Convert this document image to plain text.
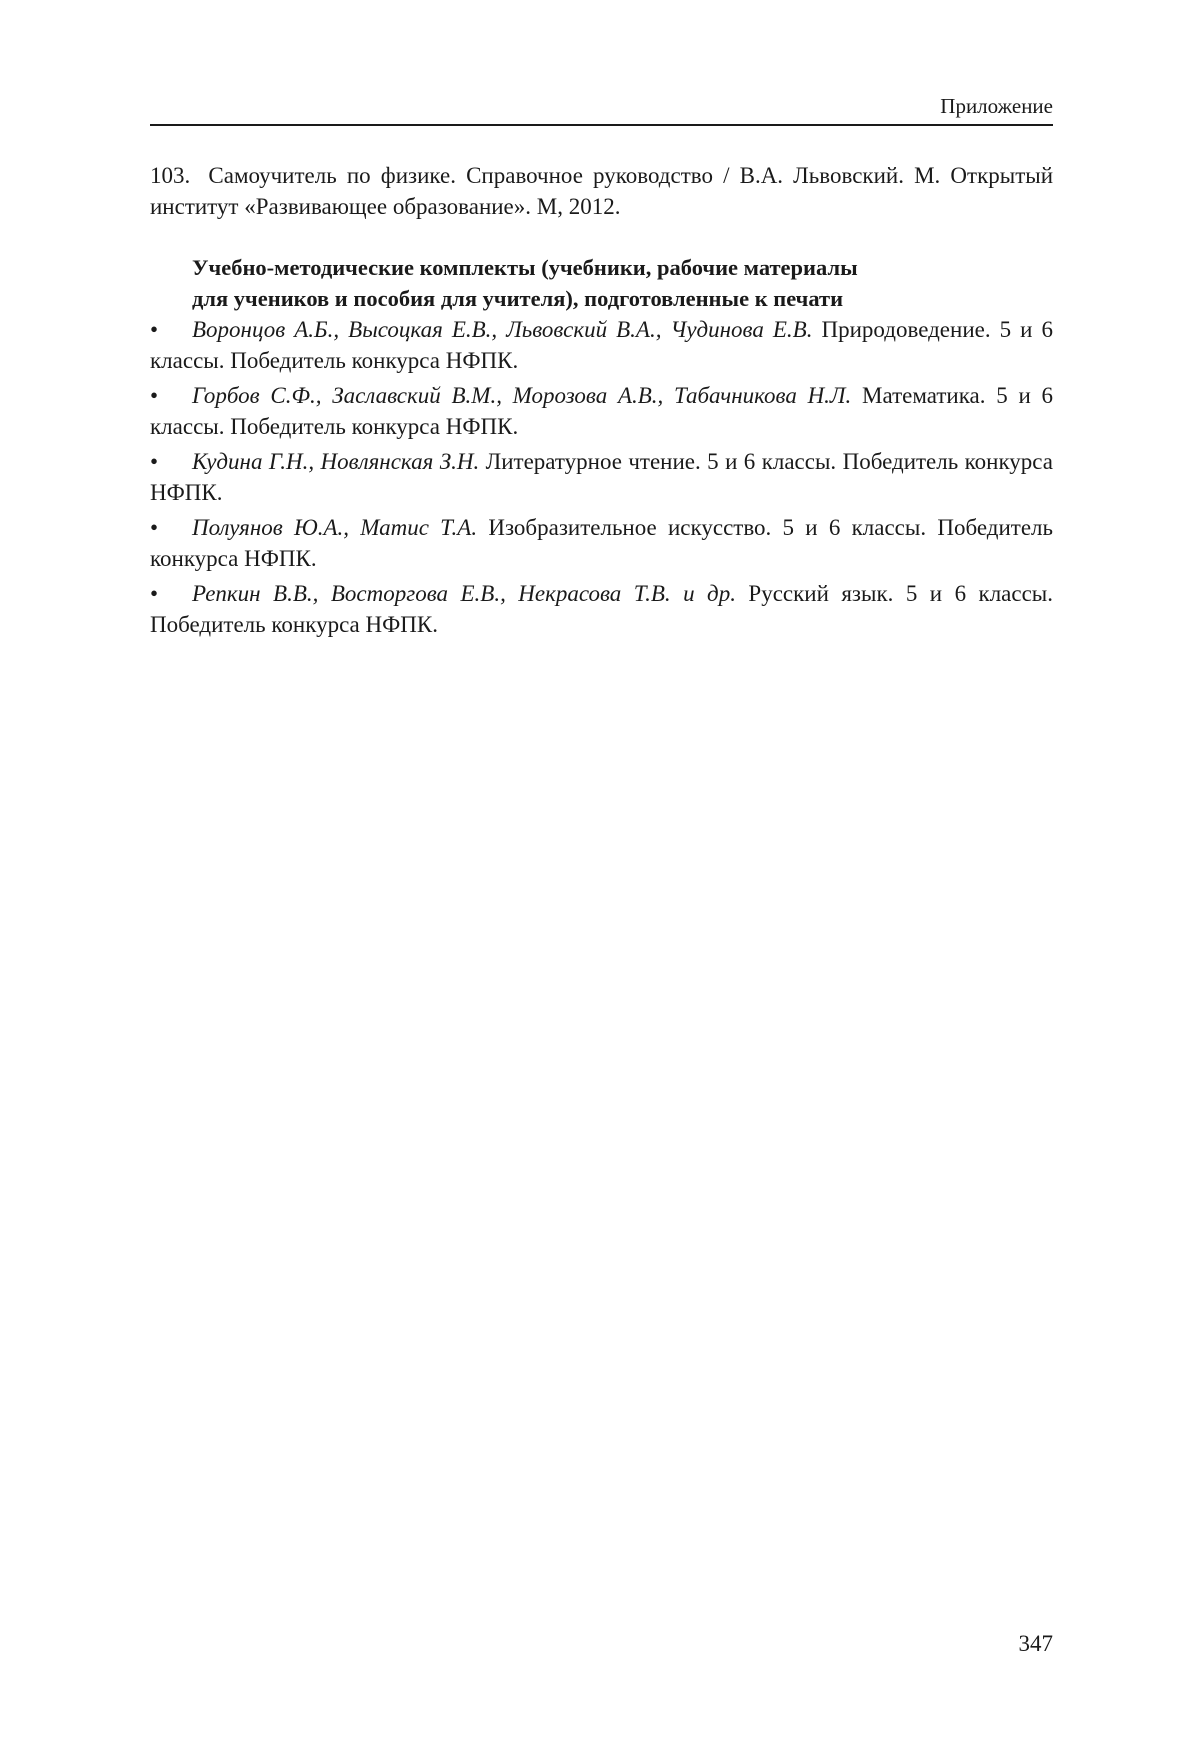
Приложение

103. Самоучитель по физике. Справочное руководство / В.А. Львовский. М. Открытый институт «Развивающее образование». М, 2012.

Учебно-методические комплекты (учебники, рабочие материалы
для учеников и пособия для учителя), подготовленные к печати
•	Воронцов А.Б., Высоцкая Е.В., Львовский В.А., Чудинова Е.В. Природоведение. 5 и 6 классы. Победитель конкурса НФПК.
•	Горбов С.Ф., Заславский В.М., Морозова А.В., Табачникова Н.Л. Математика. 5 и 6 классы. Победитель конкурса НФПК.
•	Кудина Г.Н., Новлянская З.Н. Литературное чтение. 5 и 6 классы. Победитель конкурса НФПК.
•	Полуянов Ю.А., Матис Т.А. Изобразительное искусство. 5 и 6 классы. Победитель конкурса НФПК.
•	Репкин В.В., Восторгова Е.В., Некрасова Т.В. и др. Русский язык. 5 и 6 классы. Победитель конкурса НФПК.
347
